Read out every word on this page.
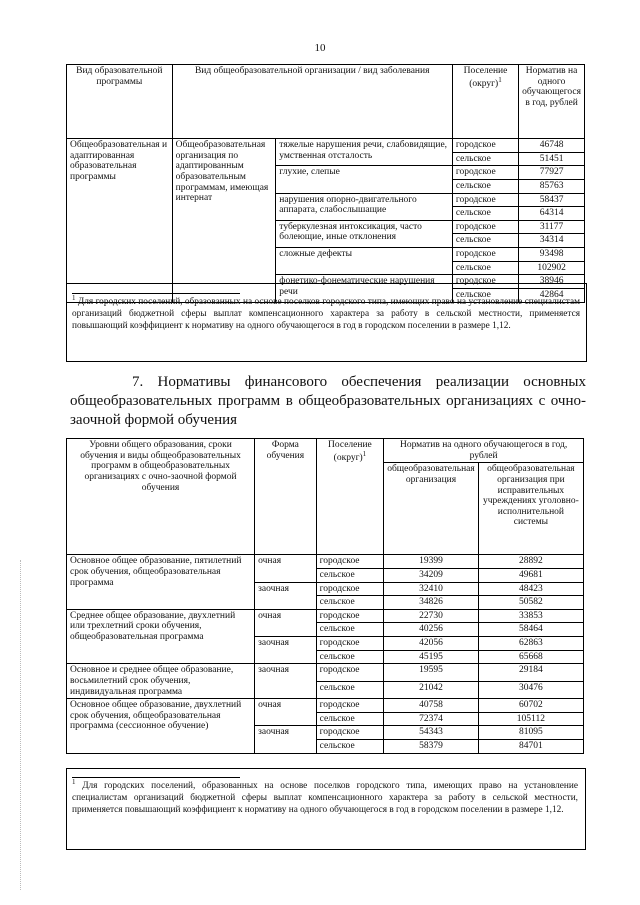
10
Вид образовательной программы	Вид общеобразовательной организации / вид заболевания		Поселение (округ)$^1$	Норматив на одного обучающегося в год, рублей
Общеобразовательная и адаптированная образовательная программы	Общеобразовательная организация по адаптированным образовательным программам, имеющая интернат	тяжелые нарушения речи, слабовидящие, умственная отсталость	городское	46748
			сельское	51451
		глухие, слепые	городское	77927
			сельское	85763
		нарушения опорно-двигательного аппарата, слабослышащие	городское	58437
			сельское	64314
		туберкулезная интоксикация, часто болеющие, иные отклонения	городское	31177
			сельское	34314
		сложные дефекты	городское	93498
			сельское	102902
		фонетико-фонематические нарушения речи	городское	38946
			сельское	42864
$^1$ Для городских поселений, образованных на основе поселков городского типа, имеющих право на установление специалистам организаций бюджетной сферы выплат компенсационного характера за работу в сельской местности, применяется повышающий коэффициент к нормативу на одного обучающегося в год в городском поселении в размере 1,12.
7. Нормативы финансового обеспечения реализации основных общеобразовательных программ в общеобразовательных организациях с очно-заочной формой обучения
Уровни общего образования, сроки обучения и виды общеобразовательных программ в общеобразовательных организациях с очно-заочной формой обучения	Форма обучения	Поселение (округ)$^1$	Норматив на одного обучающегося в год, рублей	
			общеобразовательная организация	общеобразовательная организация при исправительных учреждениях уголовно-исполнительной системы
Основное общее образование, пятилетний срок обучения, общеобразовательная программа	очная	городское	19399	28892
		сельское	34209	49681
	заочная	городское	32410	48423
		сельское	34826	50582
Среднее общее образование, двухлетний или трехлетний сроки обучения, общеобразовательная программа	очная	городское	22730	33853
		сельское	40256	58464
	заочная	городское	42056	62863
		сельское	45195	65668
Основное и среднее общее образование, восьмилетний срок обучения, индивидуальная программа	заочная	городское	19595	29184
		сельское	21042	30476
Основное общее образование, двухлетний срок обучения, общеобразовательная программа (сессионное обучение)	очная	городское	40758	60702
		сельское	72374	105112
	заочная	городское	54343	81095
		сельское	58379	84701
$^1$ Для городских поселений, образованных на основе поселков городского типа, имеющих право на установление специалистам организаций бюджетной сферы выплат компенсационного характера за работу в сельской местности, применяется повышающий коэффициент к нормативу на одного обучающегося в год в городском поселении в размере 1,12.
